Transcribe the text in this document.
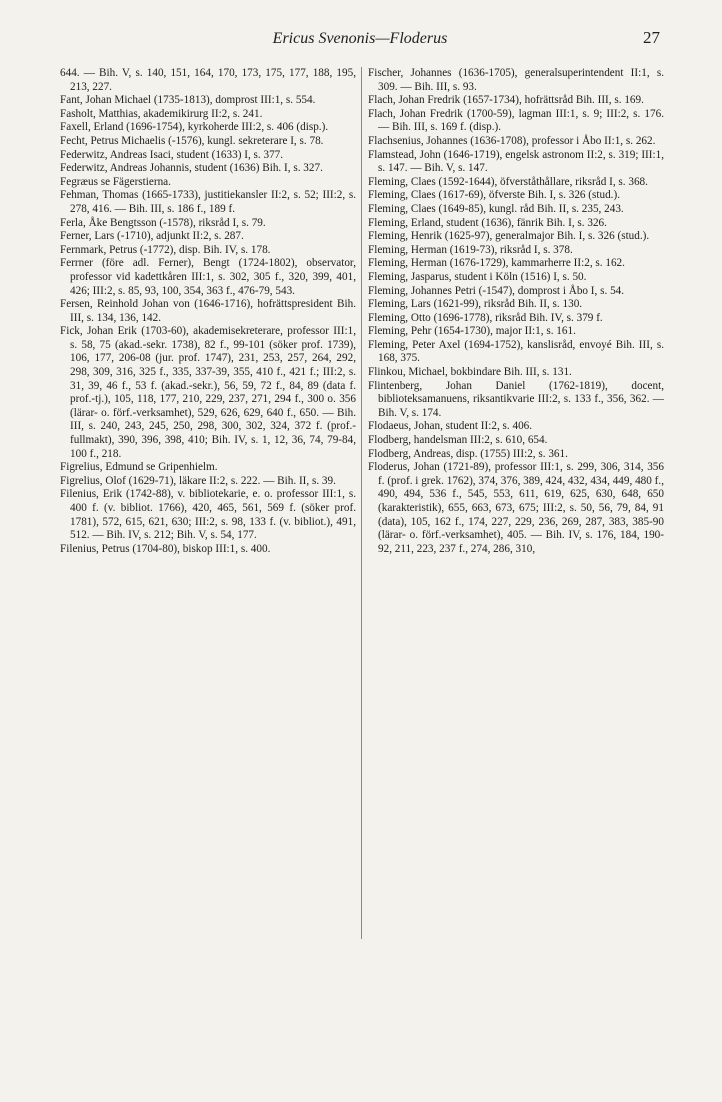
Ericus Svenonis—Floderus	27

644. — Bih. V, s. 140, 151, 164, 170, 173, 175, 177, 188, 195, 213, 227.

Fant, Johan Michael (1735-1813), domprost III:1, s. 554.

Fasholt, Matthias, akademikirurg II:2, s. 241.

Faxell, Erland (1696-1754), kyrkoherde III:2, s. 406 (disp.).

Fecht, Petrus Michaelis (-1576), kungl. sekreterare I, s. 78.

Federwitz, Andreas Isaci, student (1633) I, s. 377.

Federwitz, Andreas Johannis, student (1636) Bih. I, s. 327.

Fegræus se Fägerstierna.

Fehman, Thomas (1665-1733), justitiekansler II:2, s. 52; III:2, s. 278, 416. — Bih. III, s. 186 f., 189 f.

Ferla, Åke Bengtsson (-1578), riksråd I, s. 79.

Ferner, Lars (-1710), adjunkt II:2, s. 287.

Fernmark, Petrus (-1772), disp. Bih. IV, s. 178.

Ferrner (före adl. Ferner), Bengt (1724-1802), observator, professor vid kadettkåren III:1, s. 302, 305 f., 320, 399, 401, 426; III:2, s. 85, 93, 100, 354, 363 f., 476-79, 543.

Fersen, Reinhold Johan von (1646-1716), hofrättspresident Bih. III, s. 134, 136, 142.

Fick, Johan Erik (1703-60), akademisekreterare, professor III:1, s. 58, 75 (akad.-sekr. 1738), 82 f., 99-101 (söker prof. 1739), 106, 177, 206-08 (jur. prof. 1747), 231, 253, 257, 264, 292, 298, 309, 316, 325 f., 335, 337-39, 355, 410 f., 421 f.; III:2, s. 31, 39, 46 f., 53 f. (akad.-sekr.), 56, 59, 72 f., 84, 89 (data f. prof.-tj.), 105, 118, 177, 210, 229, 237, 271, 294 f., 300 o. 356 (lärar- o. förf.-verksamhet), 529, 626, 629, 640 f., 650. — Bih. III, s. 240, 243, 245, 250, 298, 300, 302, 324, 372 f. (prof.-fullmakt), 390, 396, 398, 410; Bih. IV, s. 1, 12, 36, 74, 79-84, 100 f., 218.

Figrelius, Edmund se Gripenhielm.

Figrelius, Olof (1629-71), läkare II:2, s. 222. — Bih. II, s. 39.

Filenius, Erik (1742-88), v. bibliotekarie, e. o. professor III:1, s. 400 f. (v. bibliot. 1766), 420, 465, 561, 569 f. (söker prof. 1781), 572, 615, 621, 630; III:2, s. 98, 133 f. (v. bibliot.), 491, 512. — Bih. IV, s. 212; Bih. V, s. 54, 177.

Filenius, Petrus (1704-80), biskop III:1, s. 400.

Fischer, Johannes (1636-1705), generalsuperintendent II:1, s. 309. — Bih. III, s. 93.

Flach, Johan Fredrik (1657-1734), hofrättsråd Bih. III, s. 169.

Flach, Johan Fredrik (1700-59), lagman III:1, s. 9; III:2, s. 176. — Bih. III, s. 169 f. (disp.).

Flachsenius, Johannes (1636-1708), professor i Åbo II:1, s. 262.

Flamstead, John (1646-1719), engelsk astronom II:2, s. 319; III:1, s. 147. — Bih. V, s. 147.

Fleming, Claes (1592-1644), öfverståthållare, riksråd I, s. 368.

Fleming, Claes (1617-69), öfverste Bih. I, s. 326 (stud.).

Fleming, Claes (1649-85), kungl. råd Bih. II, s. 235, 243.

Fleming, Erland, student (1636), fänrik Bih. I, s. 326.

Fleming, Henrik (1625-97), generalmajor Bih. I, s. 326 (stud.).

Fleming, Herman (1619-73), riksråd I, s. 378.

Fleming, Herman (1676-1729), kammarherre II:2, s. 162.

Fleming, Jasparus, student i Köln (1516) I, s. 50.

Fleming, Johannes Petri (-1547), domprost i Åbo I, s. 54.

Fleming, Lars (1621-99), riksråd Bih. II, s. 130.

Fleming, Otto (1696-1778), riksråd Bih. IV, s. 379 f.

Fleming, Pehr (1654-1730), major II:1, s. 161.

Fleming, Peter Axel (1694-1752), kanslisråd, envoyé Bih. III, s. 168, 375.

Flinkou, Michael, bokbindare Bih. III, s. 131.

Flintenberg, Johan Daniel (1762-1819), docent, biblioteksamanuens, riksantikvarie III:2, s. 133 f., 356, 362. — Bih. V, s. 174.

Flodaeus, Johan, student II:2, s. 406.

Flodberg, handelsman III:2, s. 610, 654.

Flodberg, Andreas, disp. (1755) III:2, s. 361.

Floderus, Johan (1721-89), professor III:1, s. 299, 306, 314, 356 f. (prof. i grek. 1762), 374, 376, 389, 424, 432, 434, 449, 480 f., 490, 494, 536 f., 545, 553, 611, 619, 625, 630, 648, 650 (karakteristik), 655, 663, 673, 675; III:2, s. 50, 56, 79, 84, 91 (data), 105, 162 f., 174, 227, 229, 236, 269, 287, 383, 385-90 (lärar- o. förf.-verksamhet), 405. — Bih. IV, s. 176, 184, 190-92, 211, 223, 237 f., 274, 286, 310,
